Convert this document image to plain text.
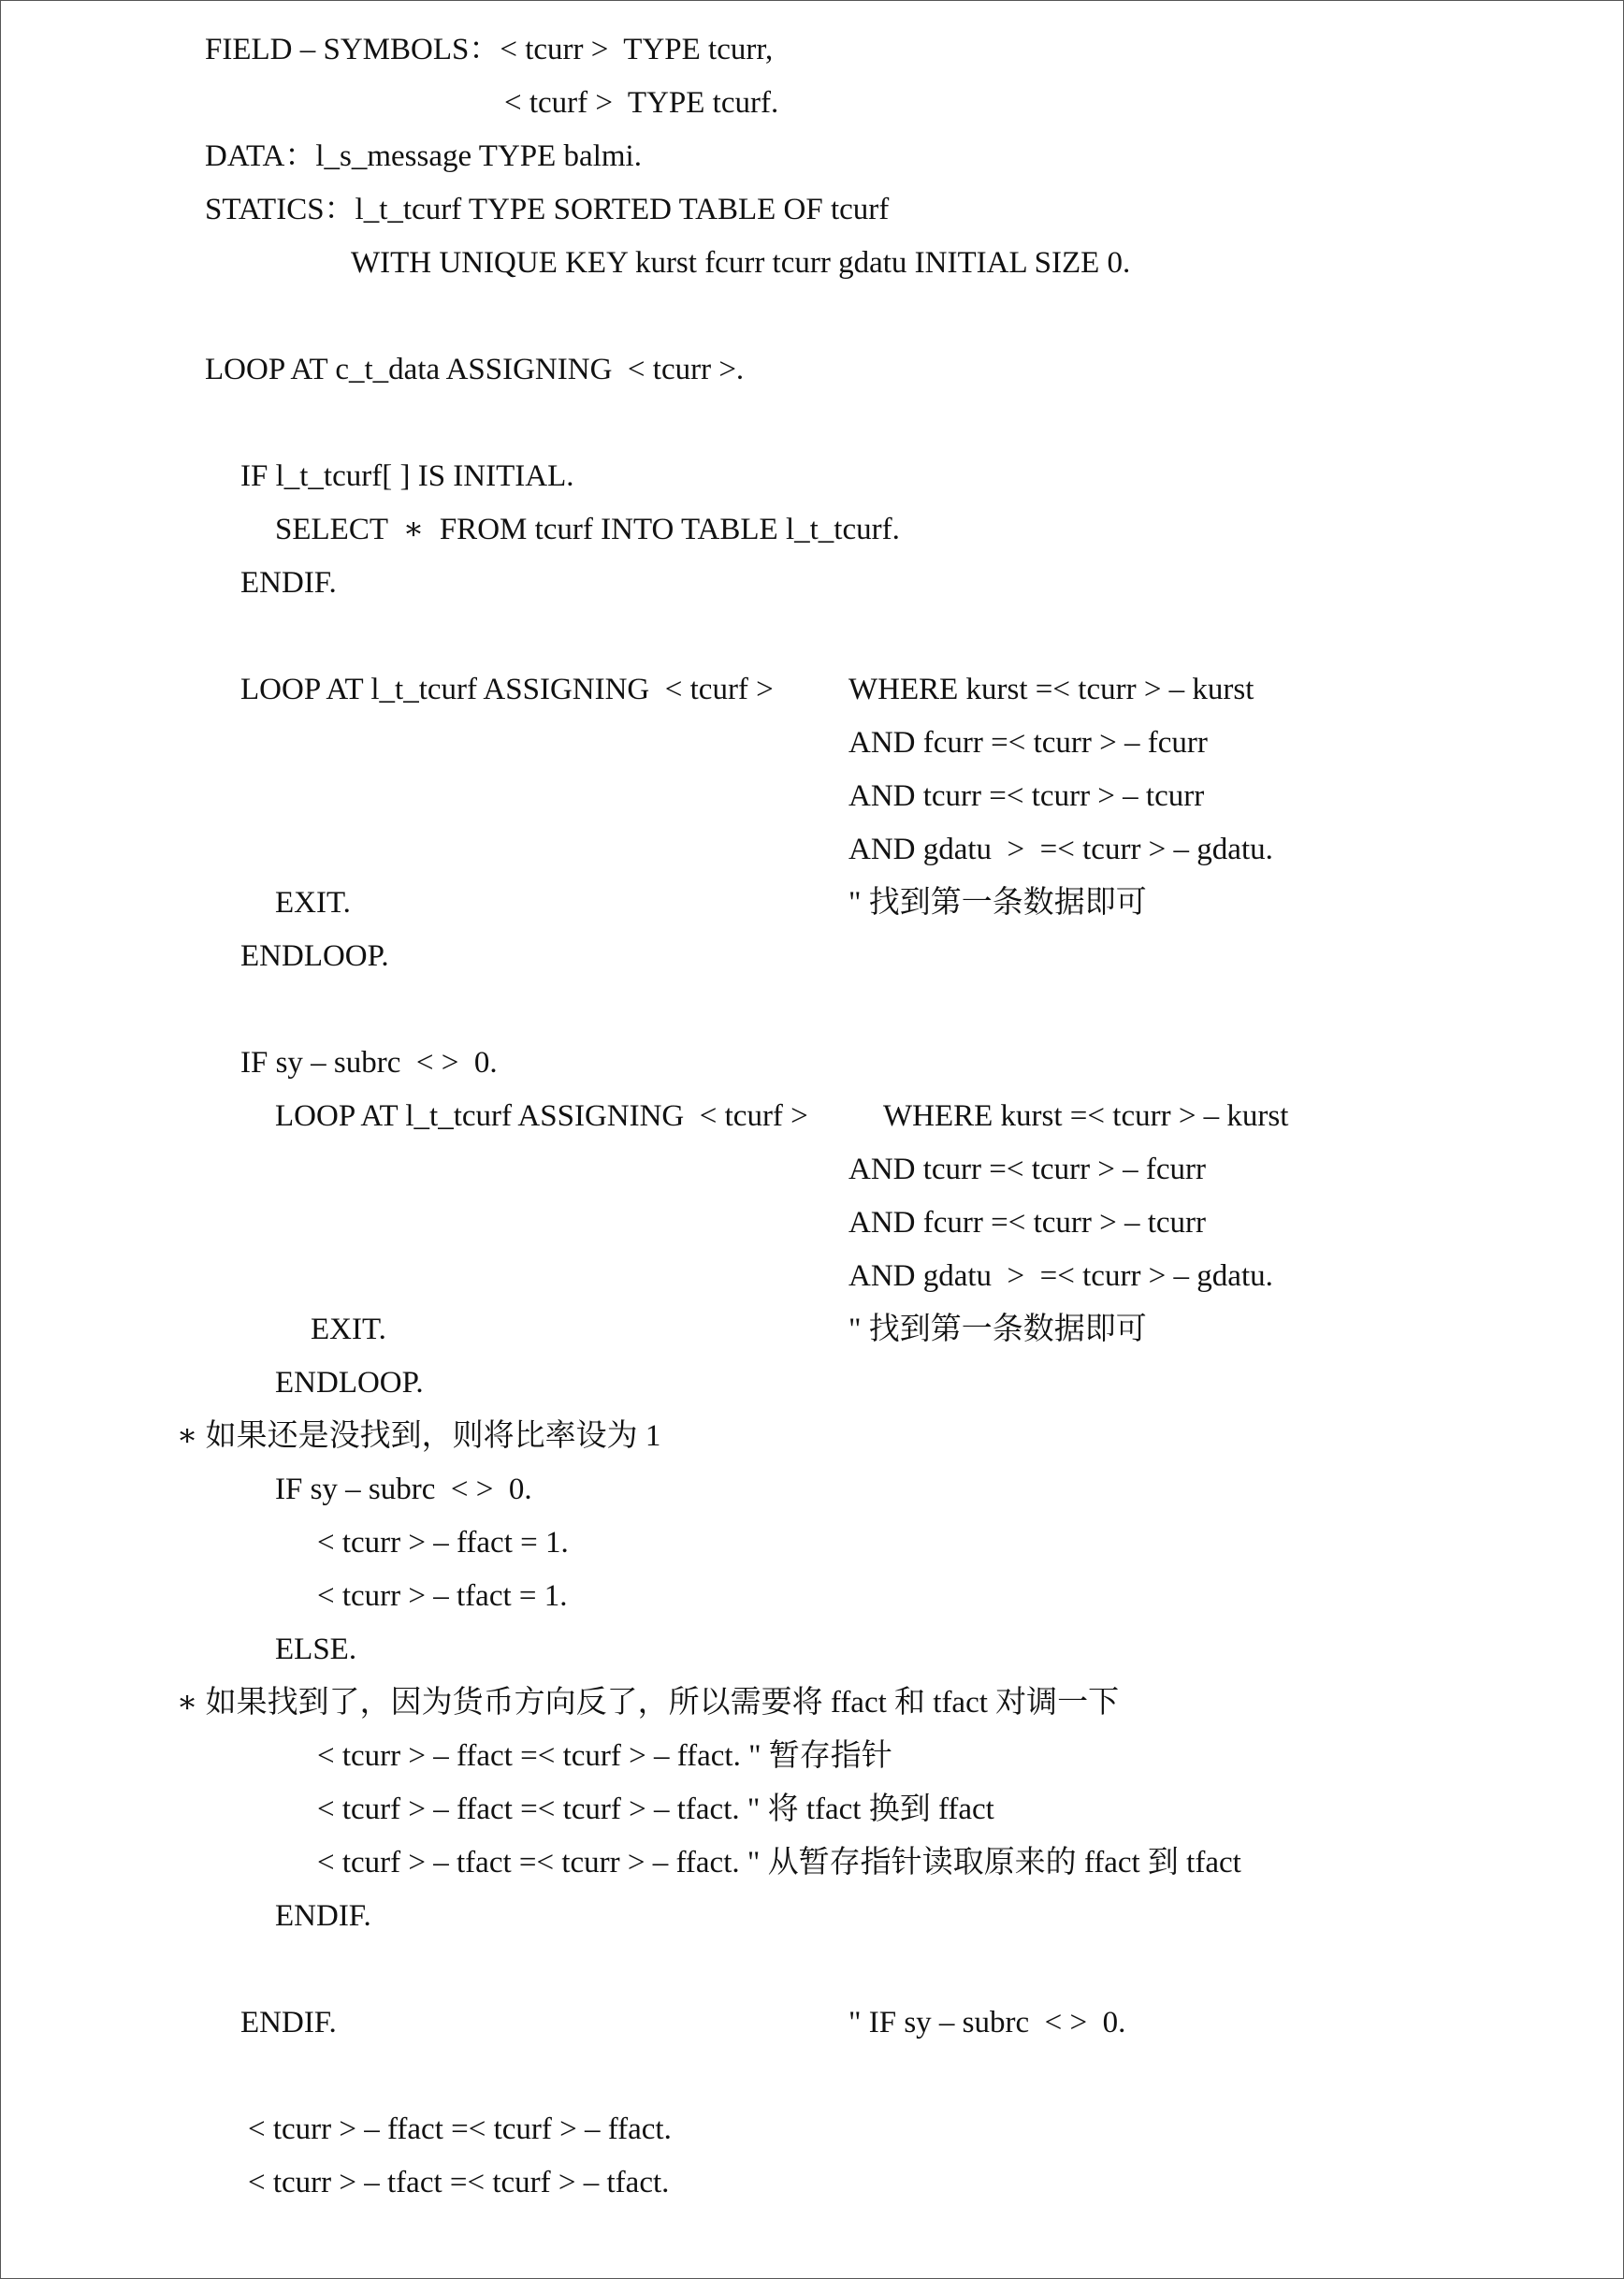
FIELD – SYMBOLS：< tcurr >  TYPE tcurr,
< tcurf >  TYPE tcurf.
DATA：l_s_message TYPE balmi.
STATICS：l_t_tcurf TYPE SORTED TABLE OF tcurf
WITH UNIQUE KEY kurst fcurr tcurr gdatu INITIAL SIZE 0.
LOOP AT c_t_data ASSIGNING  < tcurr >.
IF l_t_tcurf[ ] IS INITIAL.
SELECT  ∗  FROM tcurf INTO TABLE l_t_tcurf.
ENDIF.
LOOP AT l_t_tcurf ASSIGNING  < tcurf > WHERE kurst =< tcurr > – kurst
AND fcurr =< tcurr > – fcurr
AND tcurr =< tcurr > – tcurr
AND gdatu  >  =< tcurr > – gdatu.
EXIT.	" 找到第一条数据即可
ENDLOOP.
IF sy – subrc  < >  0.
LOOP AT l_t_tcurf ASSIGNING  < tcurf > WHERE kurst =< tcurr > – kurst
AND tcurr =< tcurr > – fcurr
AND fcurr =< tcurr > – tcurr
AND gdatu  >  =< tcurr > – gdatu.
EXIT.	" 找到第一条数据即可
ENDLOOP.
∗ 如果还是没找到，则将比率设为 1
IF sy – subrc  < >  0.
< tcurr > – ffact = 1.
< tcurr > – tfact = 1.
ELSE.
∗ 如果找到了，因为货币方向反了，所以需要将 ffact 和 tfact 对调一下
< tcurr > – ffact =< tcurf > – ffact. " 暂存指针
< tcurf > – ffact =< tcurf > – tfact. " 将 tfact 换到 ffact
< tcurf > – tfact =< tcurr > – ffact. " 从暂存指针读取原来的 ffact 到 tfact
ENDIF.
ENDIF.	" IF sy – subrc  < >  0.
< tcurr > – ffact =< tcurf > – ffact.
< tcurr > – tfact =< tcurf > – tfact.
